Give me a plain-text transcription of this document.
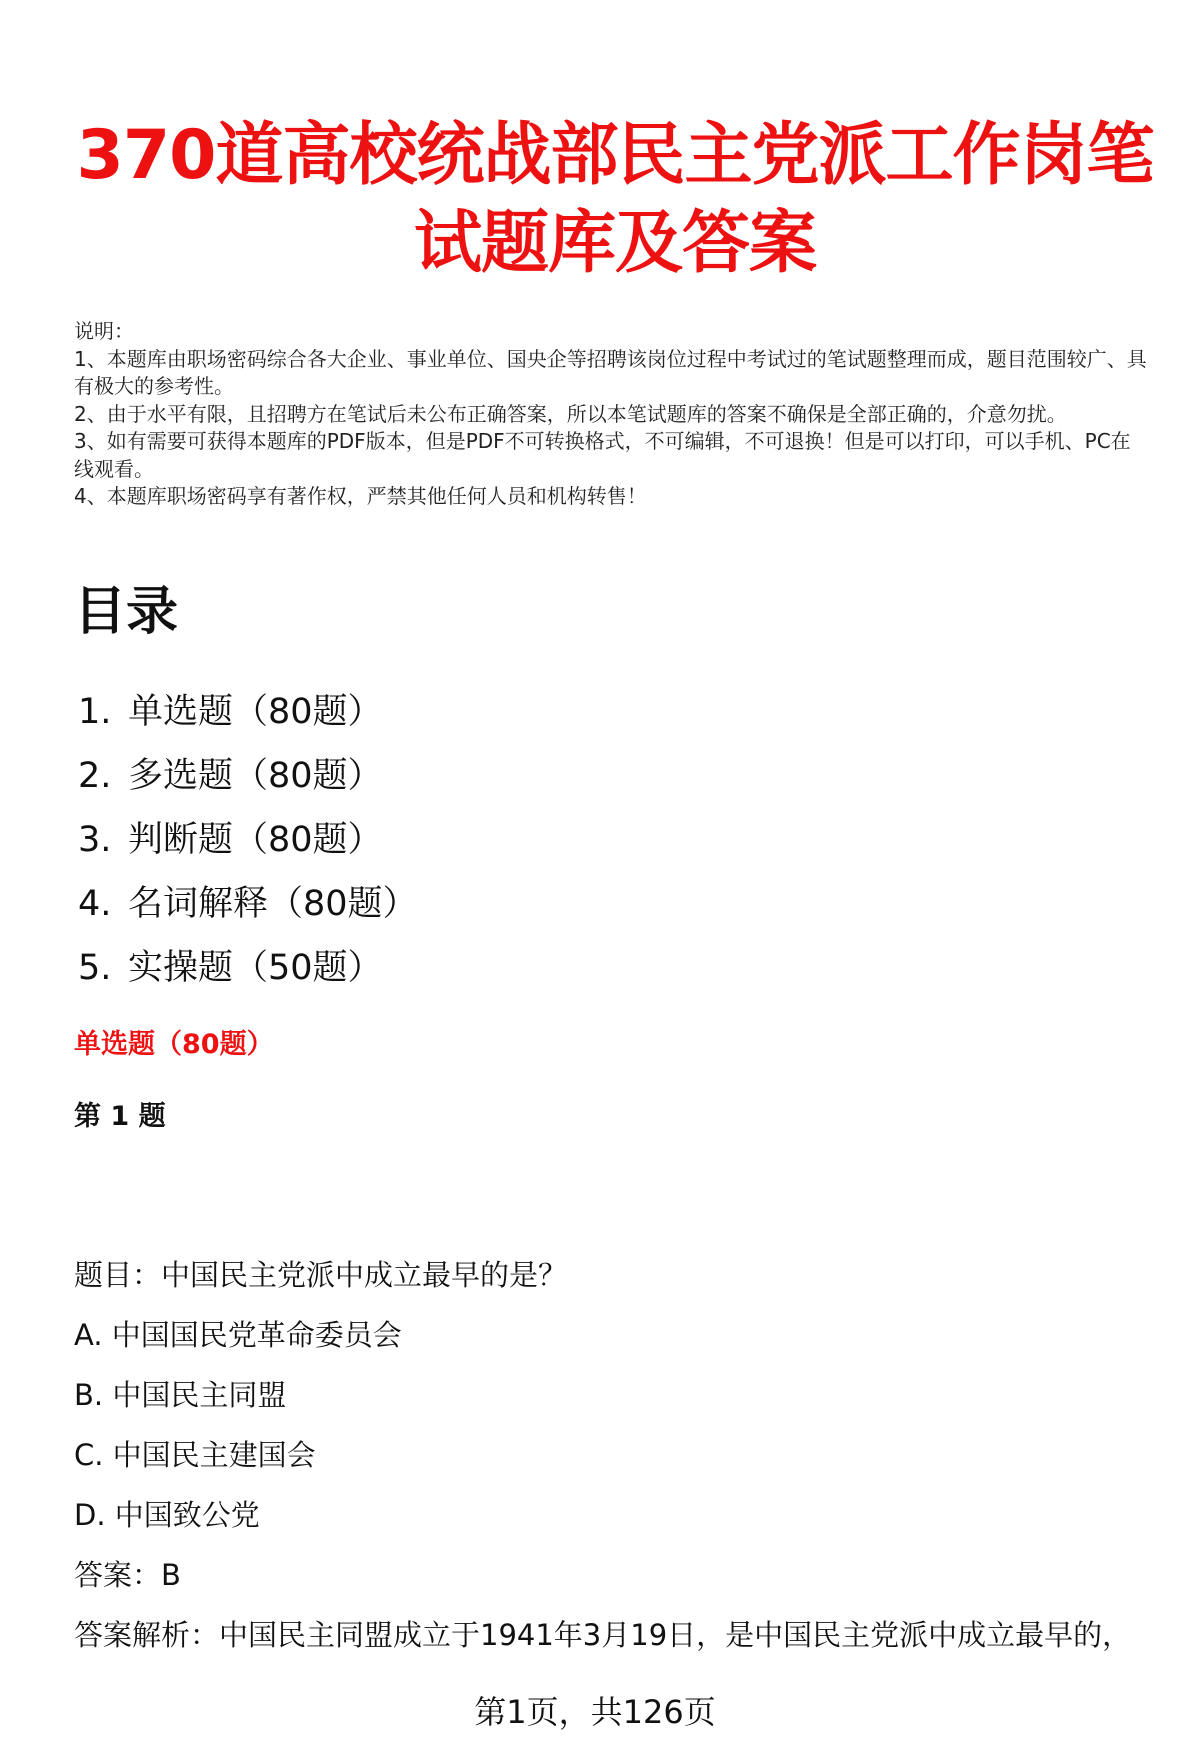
370道高校统战部民主党派工作岗笔试题库及答案
说明：
1、本题库由职场密码综合各大企业、事业单位、国央企等招聘该岗位过程中考试过的笔试题整理而成，题目范围较广、具有极大的参考性。
2、由于水平有限，且招聘方在笔试后未公布正确答案，所以本笔试题库的答案不确保是全部正确的，介意勿扰。
3、如有需要可获得本题库的PDF版本，但是PDF不可转换格式，不可编辑，不可退换！但是可以打印，可以手机、PC在线观看。
4、本题库职场密码享有著作权，严禁其他任何人员和机构转售！
目录
1. 单选题（80题）
2. 多选题（80题）
3. 判断题（80题）
4. 名词解释（80题）
5. 实操题（50题）
单选题（80题）
第 1 题
题目：中国民主党派中成立最早的是？
A. 中国国民党革命委员会
B. 中国民主同盟
C. 中国民主建国会
D. 中国致公党
答案：B
答案解析：中国民主同盟成立于1941年3月19日，是中国民主党派中成立最早的，
第1页，共126页
